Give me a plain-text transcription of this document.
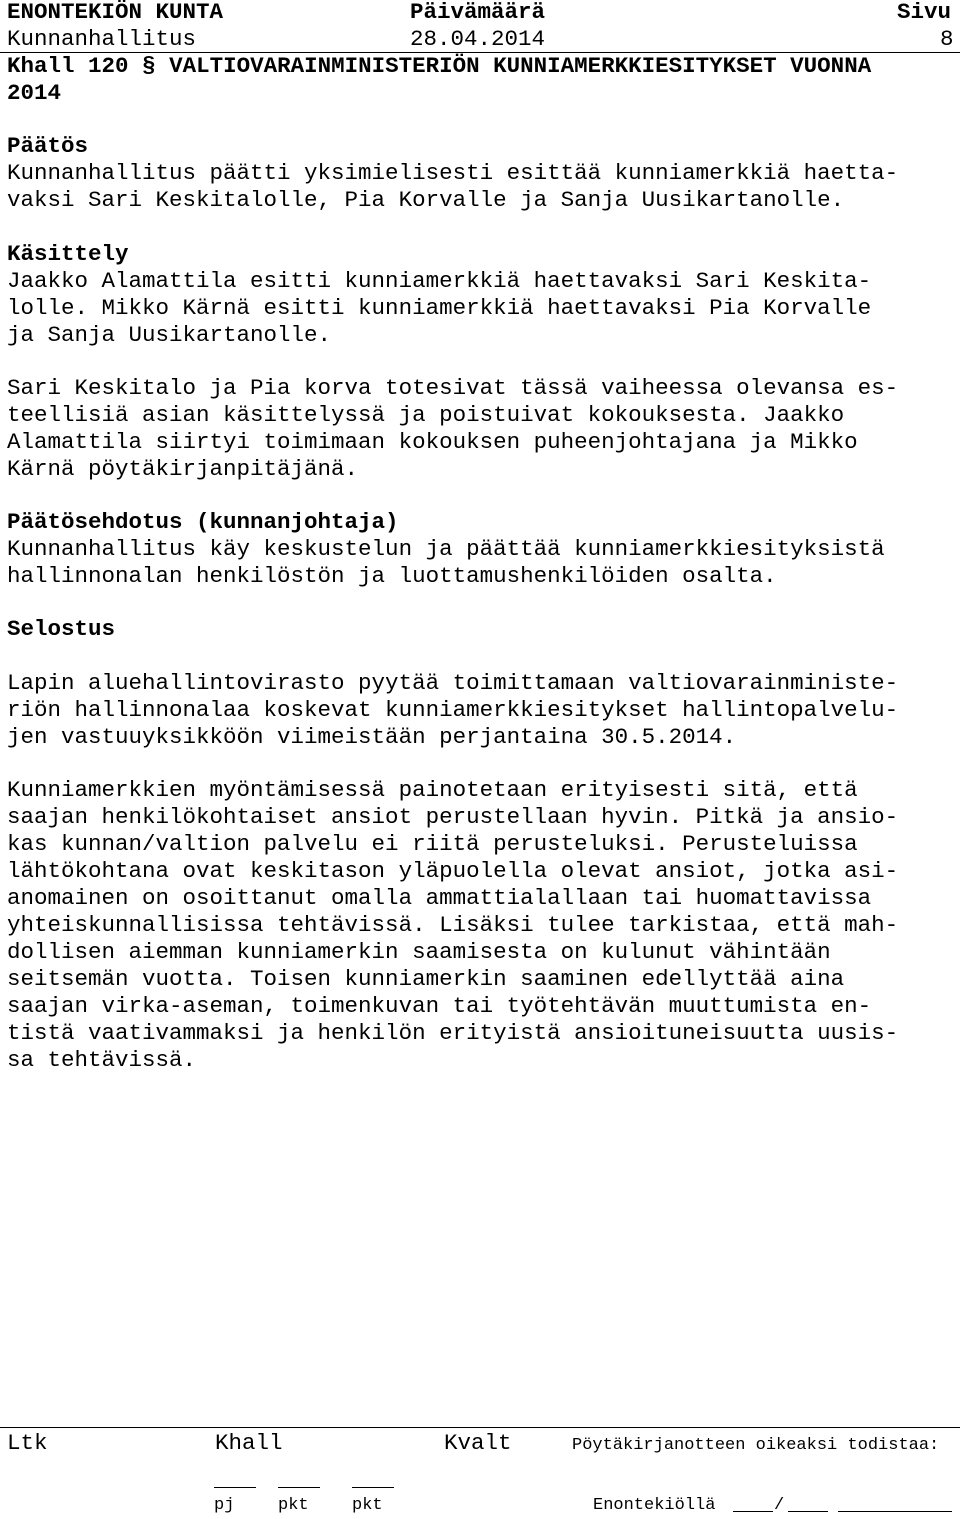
ENONTEKIÖN KUNTA	Päivämäärä	Sivu
Kunnanhallitus	28.04.2014	8
Khall 120 § VALTIOVARAINMINISTERIÖN KUNNIAMERKKIESITYKSET VUONNA
2014
Päätös
Kunnanhallitus päätti yksimielisesti esittää kunniamerkkiä haetta-
vaksi Sari Keskitalolle, Pia Korvalle ja Sanja Uusikartanolle.
Käsittely
Jaakko Alamattila esitti kunniamerkkiä haettavaksi Sari Keskita-
lolle. Mikko Kärnä esitti kunniamerkkiä haettavaksi Pia Korvalle
ja Sanja Uusikartanolle.
Sari Keskitalo ja Pia korva totesivat tässä vaiheessa olevansa es-
teellisiä asian käsittelyssä ja poistuivat kokouksesta. Jaakko
Alamattila siirtyi toimimaan kokouksen puheenjohtajana ja Mikko
Kärnä pöytäkirjanpitäjänä.
Päätösehdotus (kunnanjohtaja)
Kunnanhallitus käy keskustelun ja päättää kunniamerkkiesityksistä
hallinnonalan henkilöstön ja luottamushenkilöiden osalta.
Selostus
Lapin aluehallintovirasto pyytää toimittamaan valtiovarainministe-
riön hallinnonalaa koskevat kunniamerkkiesitykset hallintopalvelu-
jen vastuuyksikköön viimeistään perjantaina 30.5.2014.
Kunniamerkkien myöntämisessä painotetaan erityisesti sitä, että
saajan henkilökohtaiset ansiot perustellaan hyvin. Pitkä ja ansio-
kas kunnan/valtion palvelu ei riitä perusteluksi. Perusteluissa
lähtökohtana ovat keskitason yläpuolella olevat ansiot, jotka asi-
anomainen on osoittanut omalla ammattialallaan tai huomattavissa
yhteiskunnallisissa tehtävissä. Lisäksi tulee tarkistaa, että mah-
dollisen aiemman kunniamerkin saamisesta on kulunut vähintään
seitsemän vuotta. Toisen kunniamerkin saaminen edellyttää aina
saajan virka-aseman, toimenkuvan tai työtehtävän muuttumista en-
tistä vaativammaksi ja henkilön erityistä ansioituneisuutta uusis-
sa tehtävissä.
Ltk	Khall	Kvalt	Pöytäkirjanotteen oikeaksi todistaa:
pj	pkt	pkt	Enontekiöllä	/
